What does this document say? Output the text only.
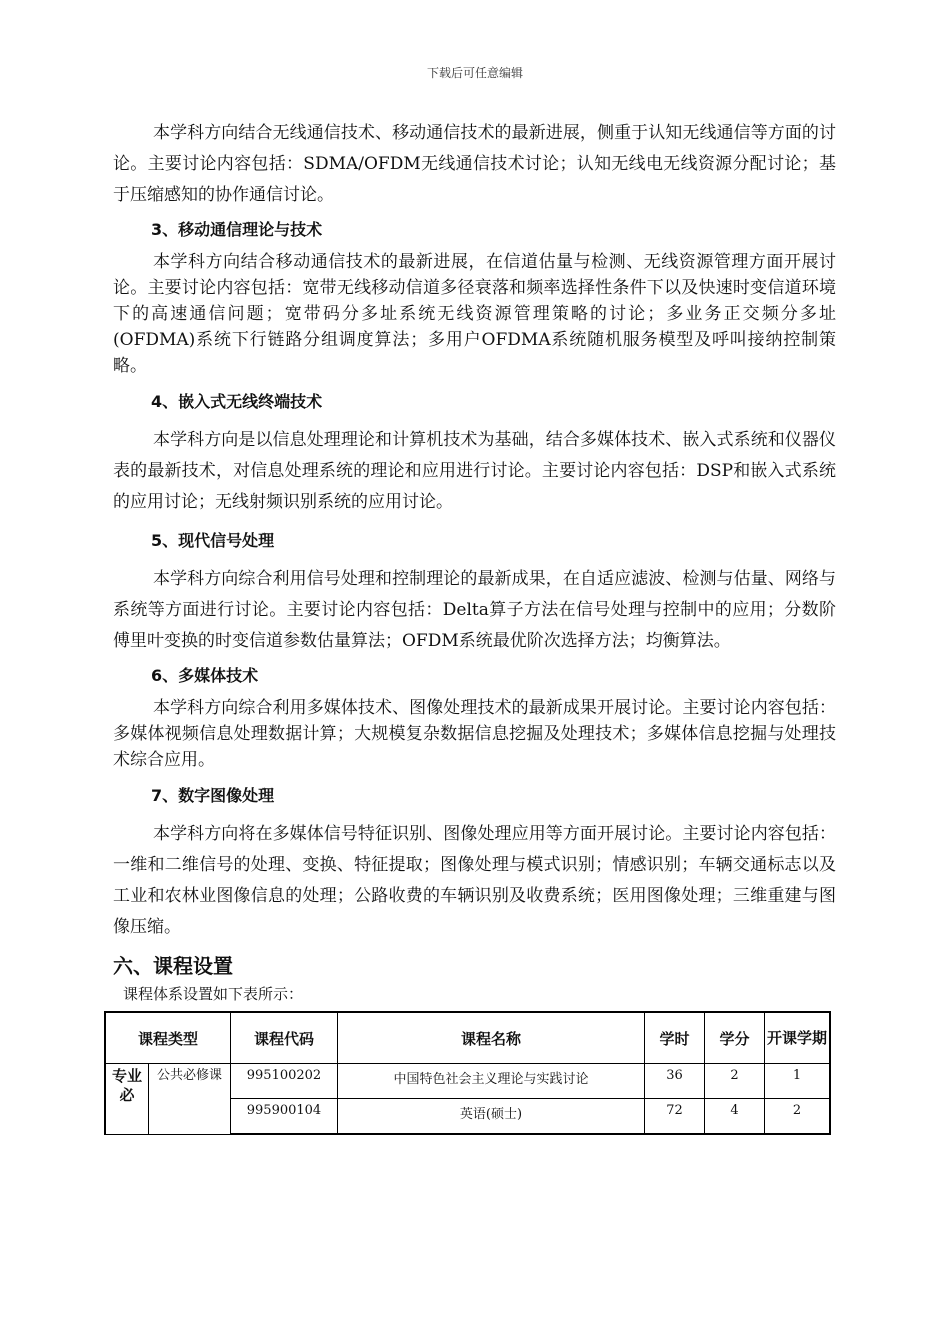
下载后可任意编辑

本学科方向结合无线通信技术、移动通信技术的最新进展，侧重于认知无线通信等方面的讨论。主要讨论内容包括：SDMA/OFDM无线通信技术讨论；认知无线电无线资源分配讨论；基于压缩感知的协作通信讨论。

3、移动通信理论与技术

本学科方向结合移动通信技术的最新进展，在信道估量与检测、无线资源管理方面开展讨论。主要讨论内容包括：宽带无线移动信道多径衰落和频率选择性条件下以及快速时变信道环境下的高速通信问题；宽带码分多址系统无线资源管理策略的讨论；多业务正交频分多址(OFDMA)系统下行链路分组调度算法；多用户OFDMA系统随机服务模型及呼叫接纳控制策略。

4、嵌入式无线终端技术

本学科方向是以信息处理理论和计算机技术为基础，结合多媒体技术、嵌入式系统和仪器仪表的最新技术，对信息处理系统的理论和应用进行讨论。主要讨论内容包括：DSP和嵌入式系统的应用讨论；无线射频识别系统的应用讨论。

5、现代信号处理

本学科方向综合利用信号处理和控制理论的最新成果，在自适应滤波、检测与估量、网络与系统等方面进行讨论。主要讨论内容包括：Delta算子方法在信号处理与控制中的应用；分数阶傅里叶变换的时变信道参数估量算法；OFDM系统最优阶次选择方法；均衡算法。

6、多媒体技术

本学科方向综合利用多媒体技术、图像处理技术的最新成果开展讨论。主要讨论内容包括：多媒体视频信息处理数据计算；大规模复杂数据信息挖掘及处理技术；多媒体信息挖掘与处理技术综合应用。

7、数字图像处理

本学科方向将在多媒体信号特征识别、图像处理应用等方面开展讨论。主要讨论内容包括：一维和二维信号的处理、变换、特征提取；图像处理与模式识别；情感识别；车辆交通标志以及工业和农林业图像信息的处理；公路收费的车辆识别及收费系统；医用图像处理；三维重建与图像压缩。

六、课程设置
课程体系设置如下表所示：
课程类型		课程代码	课程名称	学时	学分	开课学期
专业必	公共必修课	995100202	中国特色社会主义理论与实践讨论	36	2	1
		995900104	英语(硕士)	72	4	2
